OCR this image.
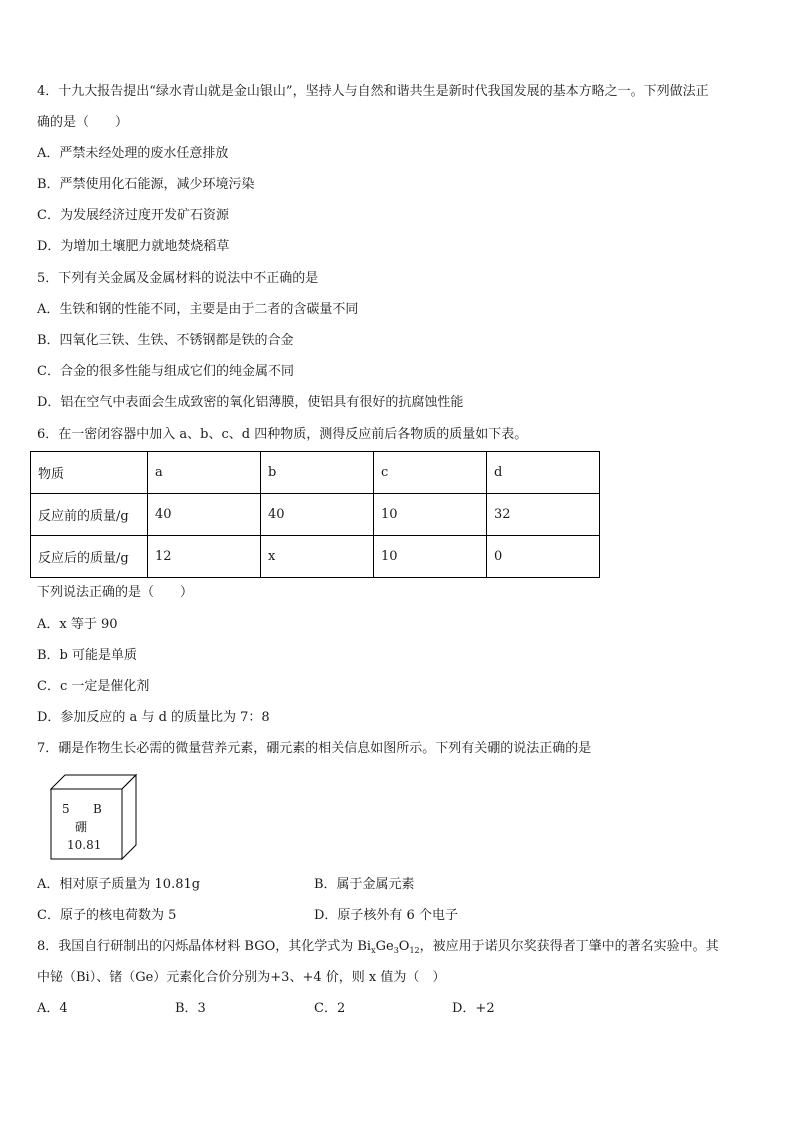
4．十九大报告提出“绿水青山就是金山银山”，坚持人与自然和谐共生是新时代我国发展的基本方略之一。下列做法正
确的是（　　）
A．严禁未经处理的废水任意排放
B．严禁使用化石能源，减少环境污染
C．为发展经济过度开发矿石资源
D．为增加土壤肥力就地焚烧稻草
5．下列有关金属及金属材料的说法中不正确的是
A．生铁和钢的性能不同，主要是由于二者的含碳量不同
B．四氧化三铁、生铁、不锈钢都是铁的合金
C．合金的很多性能与组成它们的纯金属不同
D．铝在空气中表面会生成致密的氧化铝薄膜，使铝具有很好的抗腐蚀性能
6．在一密闭容器中加入 a、b、c、d 四种物质，测得反应前后各物质的质量如下表。
物质	a	b	c	d
反应前的质量/g	40	40	10	32
反应后的质量/g	12	x	10	0
下列说法正确的是（　　）
A．x 等于 90
B．b 可能是单质
C．c 一定是催化剂
D．参加反应的 a 与 d 的质量比为 7：8
7．硼是作物生长必需的微量营养元素，硼元素的相关信息如图所示。下列有关硼的说法正确的是
5 B
硼
10.81
A．相对原子质量为 10.81g	B．属于金属元素
C．原子的核电荷数为 5	D．原子核外有 6 个电子
8．我国自行研制出的闪烁晶体材料 BGO，其化学式为 $Bi_xGe_3O_{12}$，被应用于诺贝尔奖获得者丁肇中的著名实验中。其
中铋（Bi）、锗（Ge）元素化合价分别为+3、+4 价，则 x 值为（　）
A．4	B．3	C．2	D．+2
